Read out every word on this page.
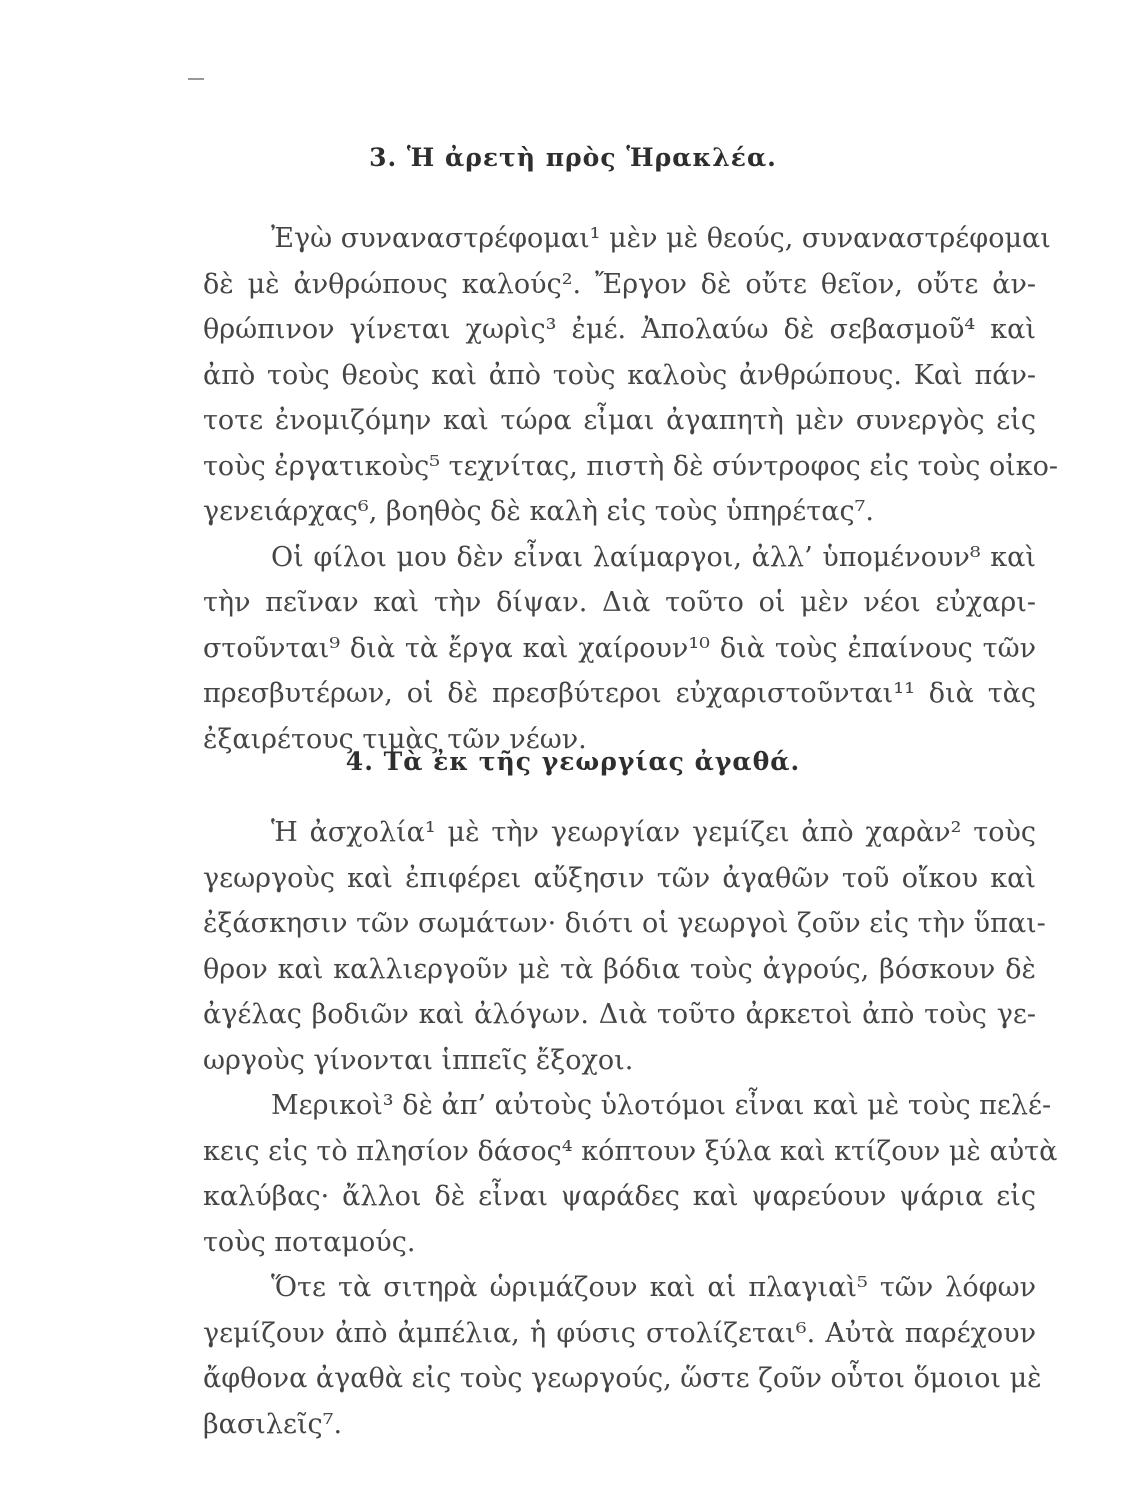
3. Ἡ ἀρετὴ πρὸς Ἡρακλέα.

Ἐγὼ συναναστρέφομαι¹ μὲν μὲ θεούς, συναναστρέφομαι

δὲ μὲ ἀνθρώπους καλούς². Ἔργον δὲ οὔτε θεῖον, οὔτε ἀν-

θρώπινον γίνεται χωρὶς³ ἐμέ. Ἀπολαύω δὲ σεβασμοῦ⁴ καὶ

ἀπὸ τοὺς θεοὺς καὶ ἀπὸ τοὺς καλοὺς ἀνθρώπους. Καὶ πάν-

τοτε ἐνομιζόμην καὶ τώρα εἶμαι ἀγαπητὴ μὲν συνεργὸς εἰς

τοὺς ἐργατικοὺς⁵ τεχνίτας, πιστὴ δὲ σύντροφος εἰς τοὺς οἰκο-

γενειάρχας⁶, βοηθὸς δὲ καλὴ εἰς τοὺς ὑπηρέτας⁷.

Οἱ φίλοι μου δὲν εἶναι λαίμαργοι, ἀλλ’ ὑπομένουν⁸ καὶ

τὴν πεῖναν καὶ τὴν δίψαν. Διὰ τοῦτο οἱ μὲν νέοι εὐχαρι-

στοῦνται⁹ διὰ τὰ ἔργα καὶ χαίρουν¹⁰ διὰ τοὺς ἐπαίνους τῶν

πρεσβυτέρων, οἱ δὲ πρεσβύτεροι εὐχαριστοῦνται¹¹ διὰ τὰς

ἐξαιρέτους τιμὰς τῶν νέων.

4. Τὰ ἐκ τῆς γεωργίας ἀγαθά.

Ἡ ἀσχολία¹ μὲ τὴν γεωργίαν γεμίζει ἀπὸ χαρὰν² τοὺς

γεωργοὺς καὶ ἐπιφέρει αὔξησιν τῶν ἀγαθῶν τοῦ οἴκου καὶ

ἐξάσκησιν τῶν σωμάτων· διότι οἱ γεωργοὶ ζοῦν εἰς τὴν ὕπαι-

θρον καὶ καλλιεργοῦν μὲ τὰ βόδια τοὺς ἀγρούς, βόσκουν δὲ

ἀγέλας βοδιῶν καὶ ἀλόγων. Διὰ τοῦτο ἀρκετοὶ ἀπὸ τοὺς γε-

ωργοὺς γίνονται ἱππεῖς ἔξοχοι.

Μερικοὶ³ δὲ ἀπ’ αὐτοὺς ὑλοτόμοι εἶναι καὶ μὲ τοὺς πελέ-

κεις εἰς τὸ πλησίον δάσος⁴ κόπτουν ξύλα καὶ κτίζουν μὲ αὐτὰ

καλύβας· ἄλλοι δὲ εἶναι ψαράδες καὶ ψαρεύουν ψάρια εἰς

τοὺς ποταμούς.

Ὅτε τὰ σιτηρὰ ὡριμάζουν καὶ αἱ πλαγιαὶ⁵ τῶν λόφων

γεμίζουν ἀπὸ ἀμπέλια, ἡ φύσις στολίζεται⁶. Αὐτὰ παρέχουν

ἄφθονα ἀγαθὰ εἰς τοὺς γεωργούς, ὥστε ζοῦν οὗτοι ὅμοιοι μὲ

βασιλεῖς⁷.
